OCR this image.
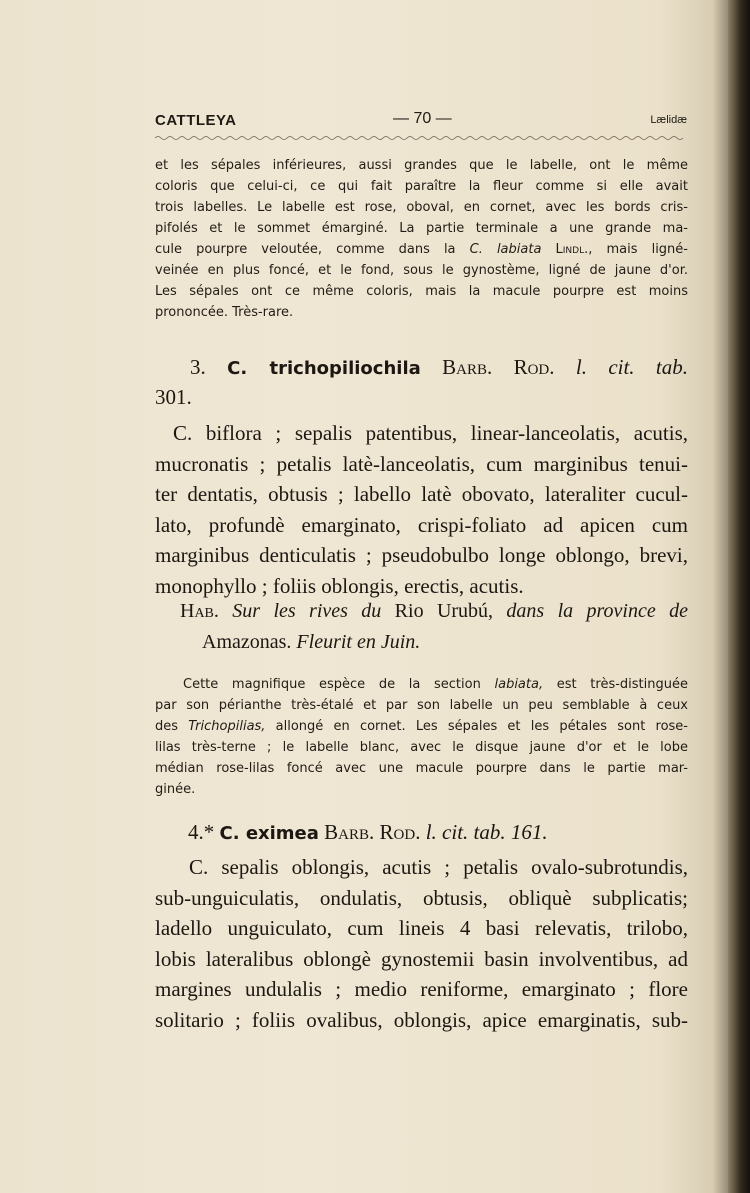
CATTLEYA	— 70 —	Lælidæ
et les sépales inférieures, aussi grandes que le labelle, ont le même
coloris que celui-ci, ce qui fait paraître la fleur comme si elle avait
trois labelles. Le labelle est rose, oboval, en cornet, avec les bords cris-
pifolés et le sommet émarginé. La partie terminale a une grande ma-
cule pourpre veloutée, comme dans la C. labiata Lindl., mais ligné-
veinée en plus foncé, et le fond, sous le gynostème, ligné de jaune d'or.
Les sépales ont ce même coloris, mais la macule pourpre est moins
prononcée. Très-rare.
3. C. trichopiliochila Barb. Rod. l. cit. tab.
301.
C. biflora ; sepalis patentibus, linear-lanceolatis, acutis,
mucronatis ; petalis latè-lanceolatis, cum marginibus tenui-
ter dentatis, obtusis ; labello latè obovato, lateraliter cucul-
lato, profundè emarginato, crispi-foliato ad apicen cum
marginibus denticulatis ; pseudobulbo longe oblongo, brevi,
monophyllo ; foliis oblongis, erectis, acutis.
Hab. Sur les rives du Rio Urubú, dans la province de
Amazonas. Fleurit en Juin.
Cette magnifique espèce de la section labiata, est très-distinguée
par son périanthe très-étalé et par son labelle un peu semblable à ceux
des Trichopilias, allongé en cornet. Les sépales et les pétales sont rose-
lilas très-terne ; le labelle blanc, avec le disque jaune d'or et le lobe
médian rose-lilas foncé avec une macule pourpre dans le partie mar-
ginée.
4.* C. eximea Barb. Rod. l. cit. tab. 161.
C. sepalis oblongis, acutis ; petalis ovalo-subrotundis,
sub-unguiculatis, ondulatis, obtusis, obliquè subplicatis;
ladello unguiculato, cum lineis 4 basi relevatis, trilobo,
lobis lateralibus oblongè gynostemii basin involventibus, ad
margines undulalis ; medio reniforme, emarginato ; flore
solitario ; foliis ovalibus, oblongis, apice emarginatis, sub-
